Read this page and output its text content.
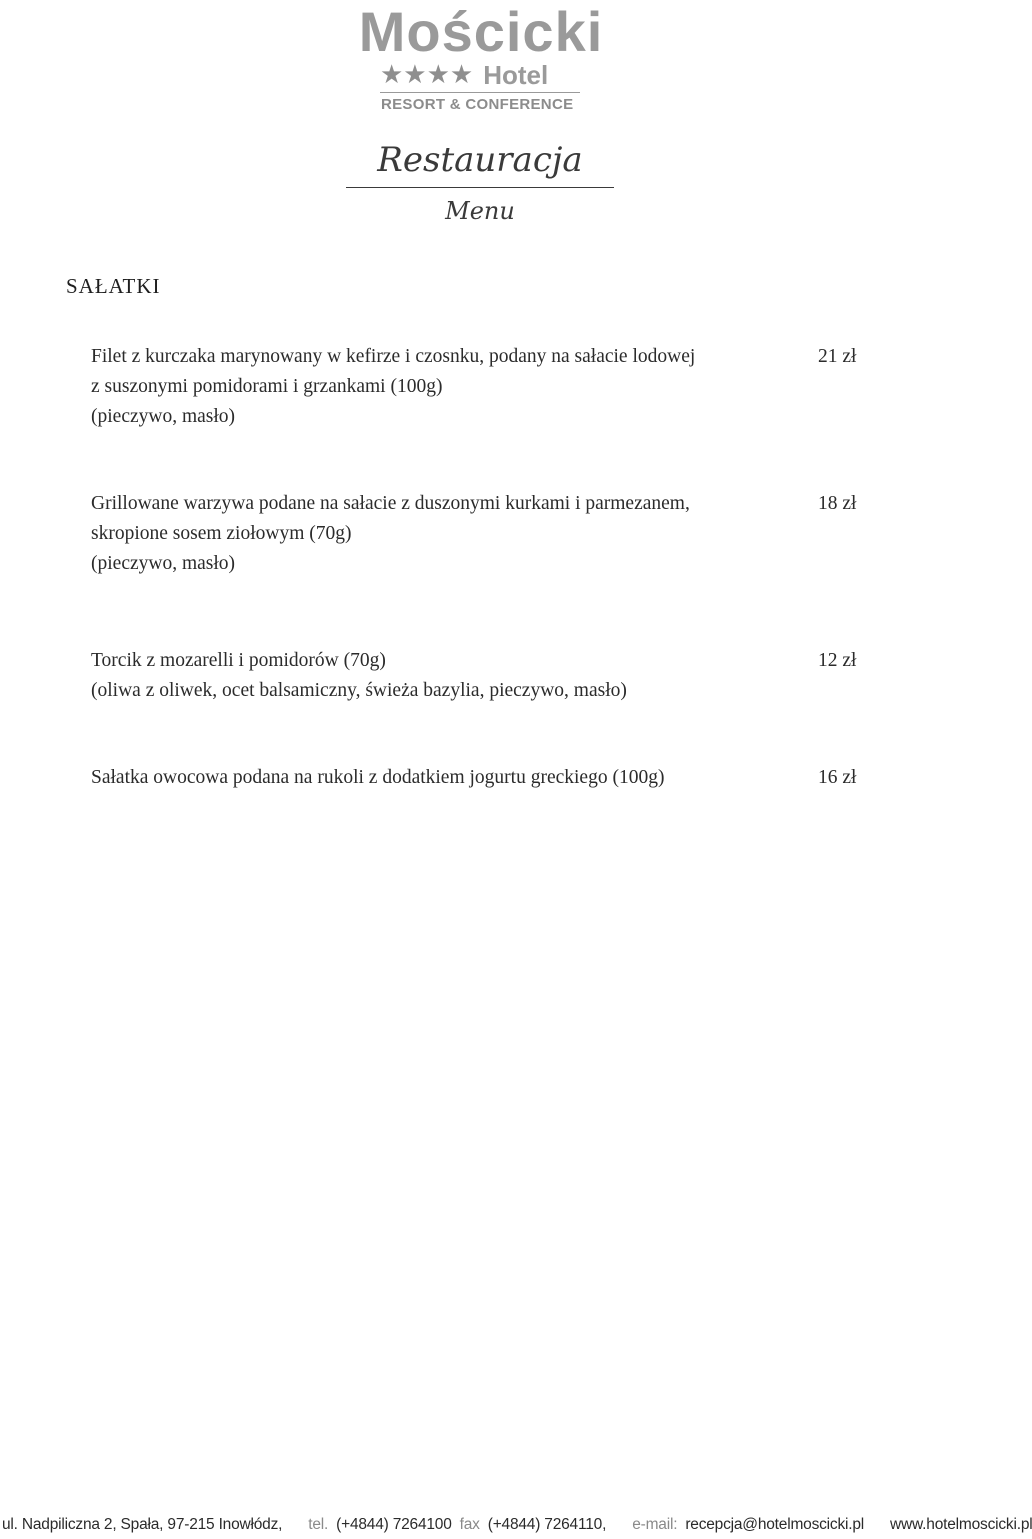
Mościcki
★★★★ Hotel
RESORT & CONFERENCE
Restauracja
Menu
SAŁATKI
Filet z kurczaka marynowany w kefirze i czosnku, podany na sałacie lodowej
z suszonymi pomidorami i grzankami (100g)
(pieczywo, masło)
21 zł
Grillowane warzywa podane na sałacie z duszonymi kurkami i parmezanem,
skropione sosem ziołowym (70g)
(pieczywo, masło)
18 zł
Torcik z mozarelli i pomidorów (70g)
(oliwa z oliwek, ocet balsamiczny, świeża bazylia, pieczywo, masło)
12 zł
Sałatka owocowa podana na rukoli z dodatkiem jogurtu greckiego (100g)	16 zł
ul. Nadpiliczna 2, Spała, 97-215 Inowłódz, tel. (+4844) 7264100 fax (+4844) 7264110, e-mail: recepcja@hotelmoscicki.pl www.hotelmoscicki.pl
